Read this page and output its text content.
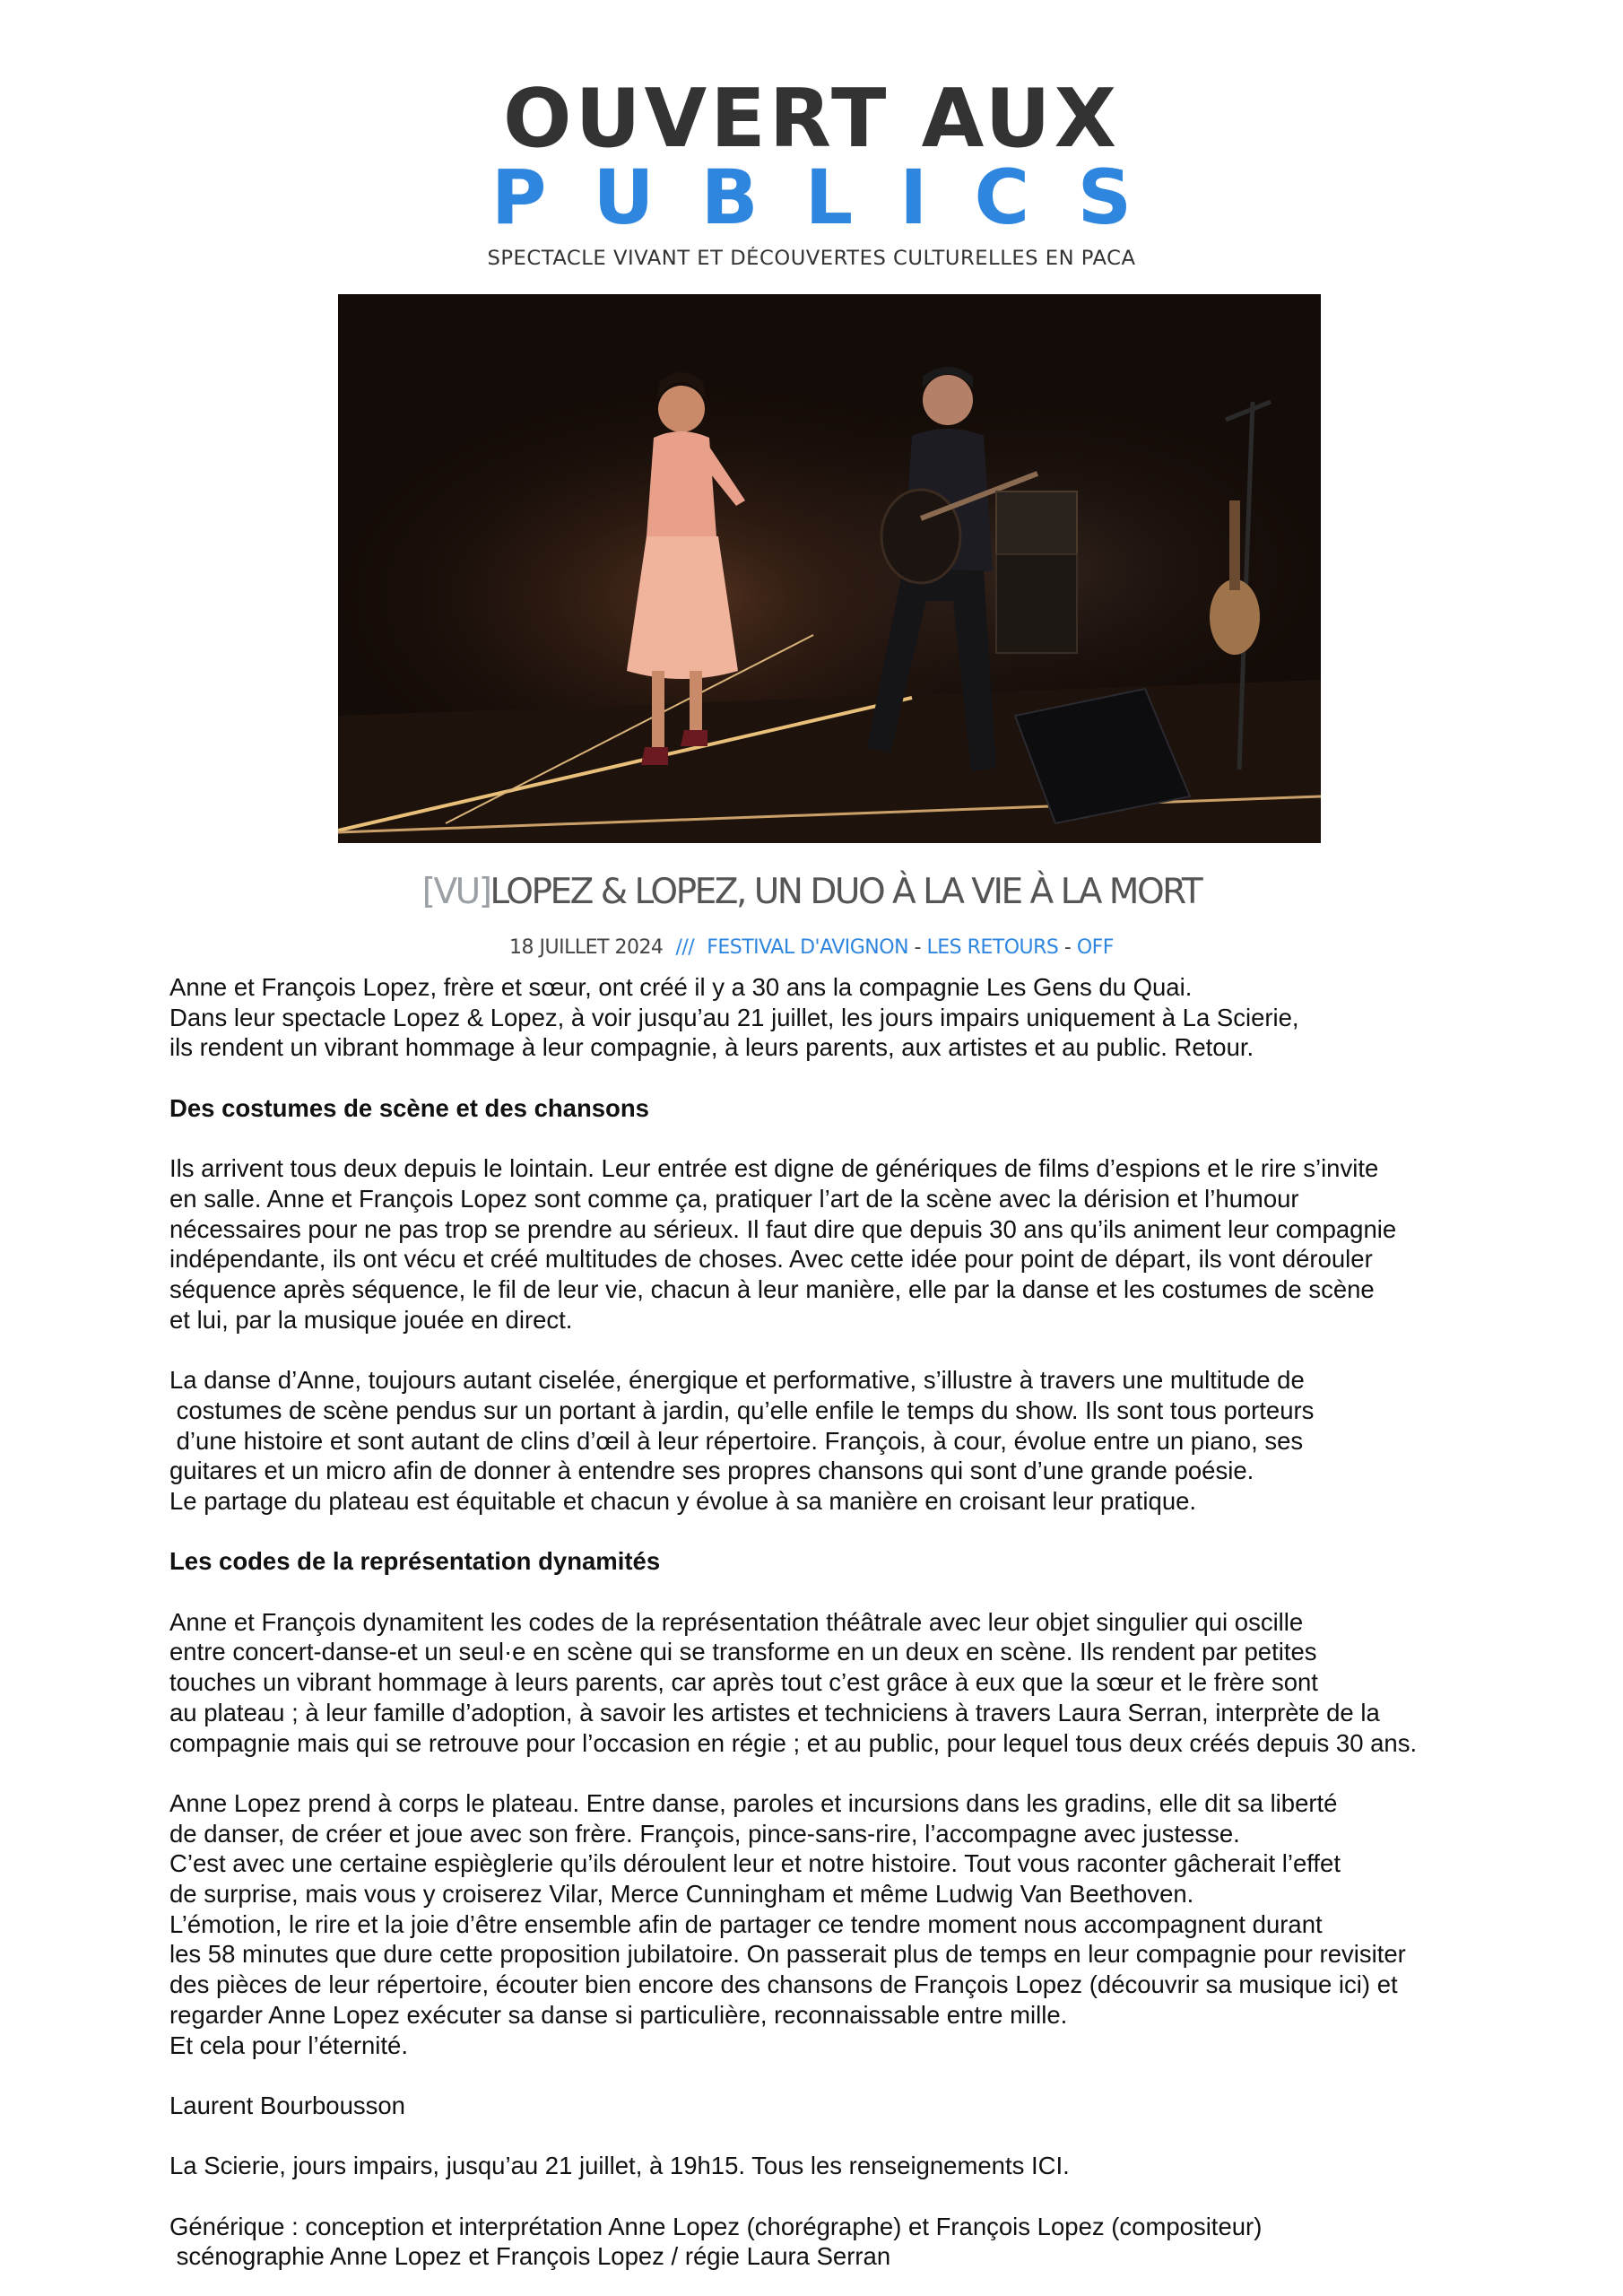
OUVERT AUX
PUBLICS
SPECTACLE VIVANT ET DÉCOUVERTES CULTURELLES EN PACA
[VU]LOPEZ & LOPEZ, UN DUO À LA VIE À LA MORT
18 JUILLET 2024 /// FESTIVAL D'AVIGNON - LES RETOURS - OFF

Anne et François Lopez, frère et sœur, ont créé il y a 30 ans la compagnie Les Gens du Quai.

Dans leur spectacle Lopez & Lopez, à voir jusqu’au 21 juillet, les jours impairs uniquement à La Scierie,

ils rendent un vibrant hommage à leur compagnie, à leurs parents, aux artistes et au public. Retour.

Des costumes de scène et des chansons

Ils arrivent tous deux depuis le lointain. Leur entrée est digne de génériques de films d’espions et le rire s’invite

en salle. Anne et François Lopez sont comme ça, pratiquer l’art de la scène avec la dérision et l’humour

nécessaires pour ne pas trop se prendre au sérieux. Il faut dire que depuis 30 ans qu’ils animent leur compagnie

indépendante, ils ont vécu et créé multitudes de choses. Avec cette idée pour point de départ, ils vont dérouler

séquence après séquence, le fil de leur vie, chacun à leur manière, elle par la danse et les costumes de scène

et lui, par la musique jouée en direct.

La danse d’Anne, toujours autant ciselée, énergique et performative, s’illustre à travers une multitude de

costumes de scène pendus sur un portant à jardin, qu’elle enfile le temps du show. Ils sont tous porteurs

d’une histoire et sont autant de clins d’œil à leur répertoire. François, à cour, évolue entre un piano, ses

guitares et un micro afin de donner à entendre ses propres chansons qui sont d’une grande poésie.

Le partage du plateau est équitable et chacun y évolue à sa manière en croisant leur pratique.

Les codes de la représentation dynamités

Anne et François dynamitent les codes de la représentation théâtrale avec leur objet singulier qui oscille

entre concert-danse-et un seul·e en scène qui se transforme en un deux en scène. Ils rendent par petites

touches un vibrant hommage à leurs parents, car après tout c’est grâce à eux que la sœur et le frère sont

au plateau ; à leur famille d’adoption, à savoir les artistes et techniciens à travers Laura Serran, interprète de la

compagnie mais qui se retrouve pour l’occasion en régie ; et au public, pour lequel tous deux créés depuis 30 ans.

Anne Lopez prend à corps le plateau. Entre danse, paroles et incursions dans les gradins, elle dit sa liberté

de danser, de créer et joue avec son frère. François, pince-sans-rire, l’accompagne avec justesse.

C’est avec une certaine espièglerie qu’ils déroulent leur et notre histoire. Tout vous raconter gâcherait l’effet

de surprise, mais vous y croiserez Vilar, Merce Cunningham et même Ludwig Van Beethoven.

L’émotion, le rire et la joie d’être ensemble afin de partager ce tendre moment nous accompagnent durant

les 58 minutes que dure cette proposition jubilatoire. On passerait plus de temps en leur compagnie pour revisiter

des pièces de leur répertoire, écouter bien encore des chansons de François Lopez (découvrir sa musique ici) et

regarder Anne Lopez exécuter sa danse si particulière, reconnaissable entre mille.

Et cela pour l’éternité.

Laurent Bourbousson

La Scierie, jours impairs, jusqu’au 21 juillet, à 19h15. Tous les renseignements ICI.

Générique : conception et interprétation Anne Lopez (chorégraphe) et François Lopez (compositeur)

scénographie Anne Lopez et François Lopez / régie Laura Serran
